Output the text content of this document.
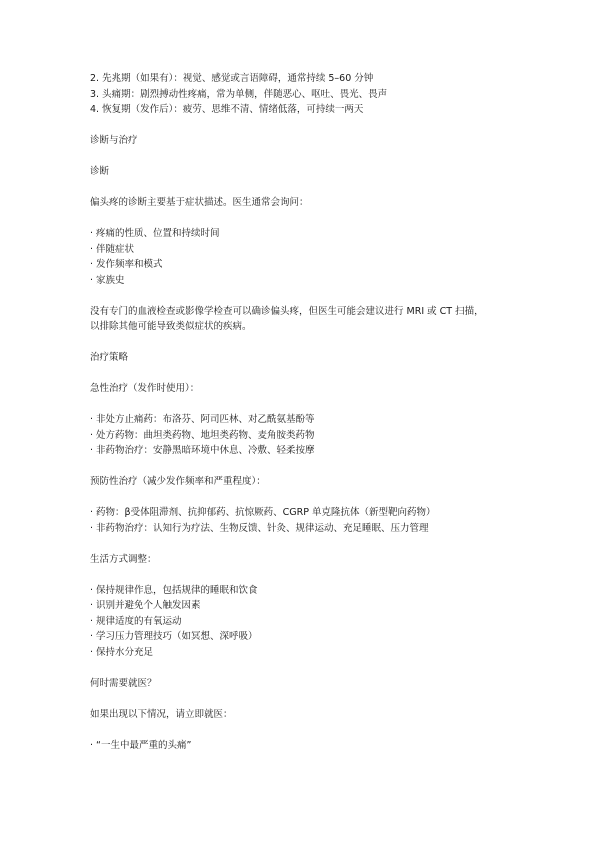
2. 先兆期（如果有）：视觉、感觉或言语障碍，通常持续 5–60 分钟
3. 头痛期：剧烈搏动性疼痛，常为单侧，伴随恶心、呕吐、畏光、畏声
4. 恢复期（发作后）：疲劳、思维不清、情绪低落，可持续一两天
诊断与治疗
诊断
偏头疼的诊断主要基于症状描述。医生通常会询问：
· 疼痛的性质、位置和持续时间
· 伴随症状
· 发作频率和模式
· 家族史
没有专门的血液检查或影像学检查可以确诊偏头疼，但医生可能会建议进行 MRI 或 CT 扫描，
以排除其他可能导致类似症状的疾病。
治疗策略
急性治疗（发作时使用）：
· 非处方止痛药：布洛芬、阿司匹林、对乙酰氨基酚等
· 处方药物：曲坦类药物、地坦类药物、麦角胺类药物
· 非药物治疗：安静黑暗环境中休息、冷敷、轻柔按摩
预防性治疗（减少发作频率和严重程度）：
· 药物：β受体阻滞剂、抗抑郁药、抗惊厥药、CGRP 单克隆抗体（新型靶向药物）
· 非药物治疗：认知行为疗法、生物反馈、针灸、规律运动、充足睡眠、压力管理
生活方式调整：
· 保持规律作息，包括规律的睡眠和饮食
· 识别并避免个人触发因素
· 规律适度的有氧运动
· 学习压力管理技巧（如冥想、深呼吸）
· 保持水分充足
何时需要就医？
如果出现以下情况，请立即就医：
· “一生中最严重的头痛”
